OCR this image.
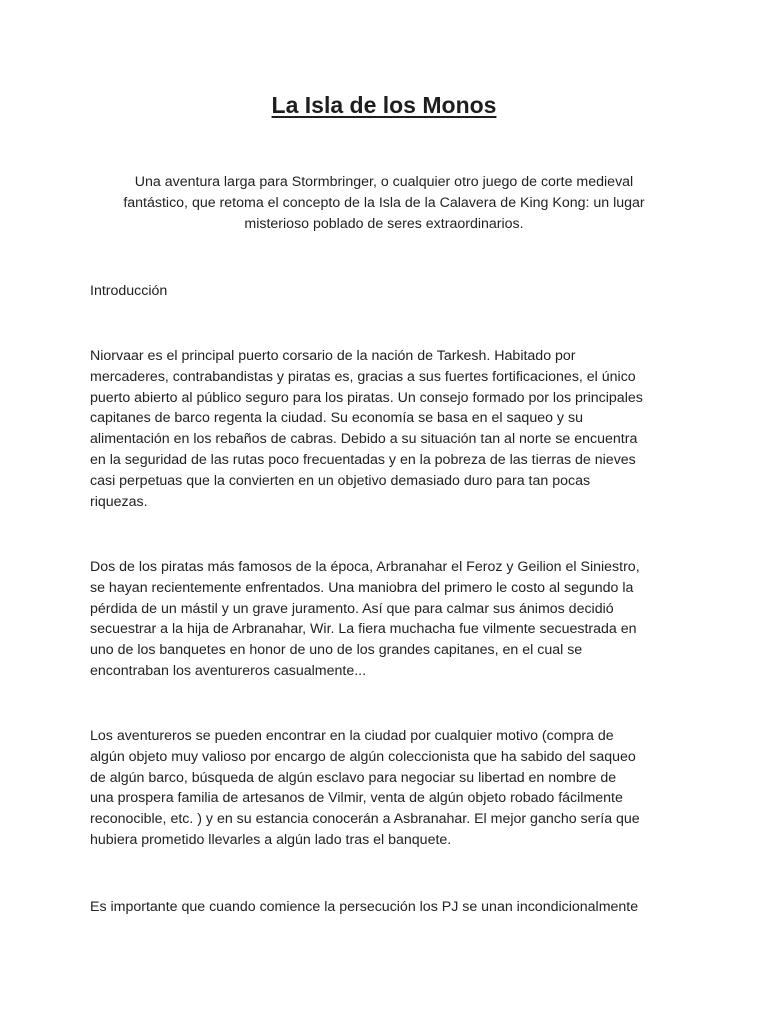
La Isla de los Monos

Una aventura larga para Stormbringer, o cualquier otro juego de corte medieval
fantástico, que retoma el concepto de la Isla de la Calavera de King Kong: un lugar
misterioso poblado de seres extraordinarios.

Introducción

Niorvaar es el principal puerto corsario de la nación de Tarkesh. Habitado por
mercaderes, contrabandistas y piratas es, gracias a sus fuertes fortificaciones, el único
puerto abierto al público seguro para los piratas. Un consejo formado por los principales
capitanes de barco regenta la ciudad. Su economía se basa en el saqueo y su
alimentación en los rebaños de cabras. Debido a su situación tan al norte se encuentra
en la seguridad de las rutas poco frecuentadas y en la pobreza de las tierras de nieves
casi perpetuas que la convierten en un objetivo demasiado duro para tan pocas
riquezas.

Dos de los piratas más famosos de la época, Arbranahar el Feroz y Geilion el Siniestro,
se hayan recientemente enfrentados. Una maniobra del primero le costo al segundo la
pérdida de un mástil y un grave juramento. Así que para calmar sus ánimos decidió
secuestrar a la hija de Arbranahar, Wir. La fiera muchacha fue vilmente secuestrada en
uno de los banquetes en honor de uno de los grandes capitanes, en el cual se
encontraban los aventureros casualmente...

Los aventureros se pueden encontrar en la ciudad por cualquier motivo (compra de
algún objeto muy valioso por encargo de algún coleccionista que ha sabido del saqueo
de algún barco, búsqueda de algún esclavo para negociar su libertad en nombre de
una prospera familia de artesanos de Vilmir, venta de algún objeto robado fácilmente
reconocible, etc. ) y en su estancia conocerán a Asbranahar. El mejor gancho sería que
hubiera prometido llevarles a algún lado tras el banquete.

Es importante que cuando comience la persecución los PJ se unan incondicionalmente
